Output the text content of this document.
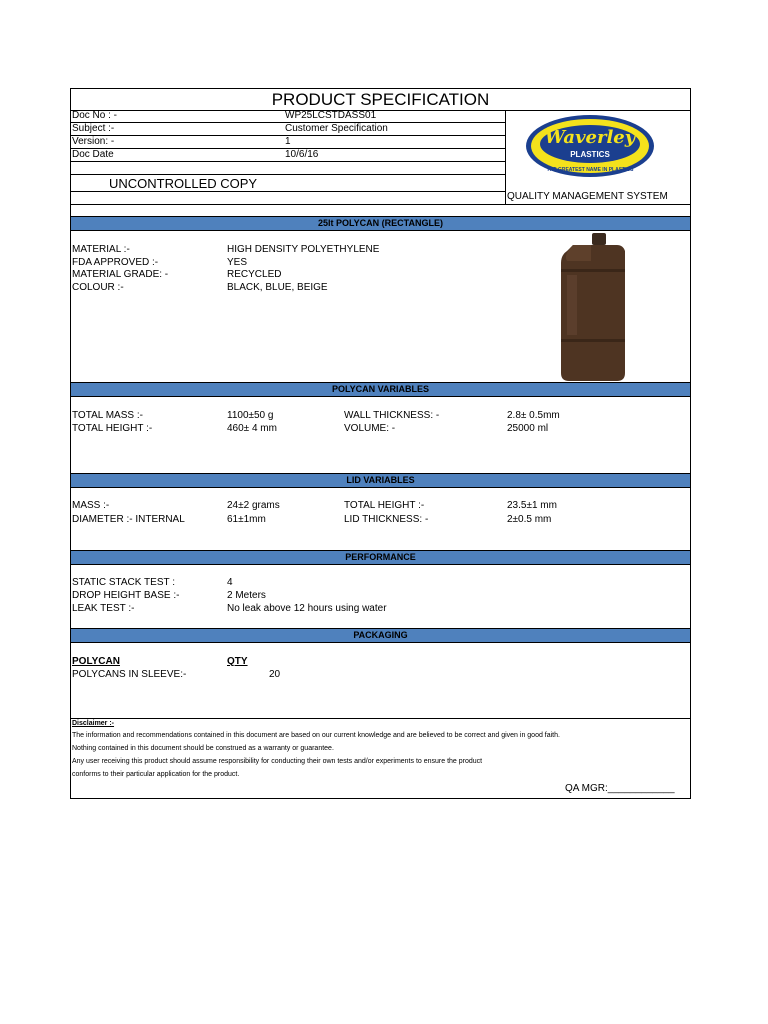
PRODUCT SPECIFICATION
Doc No : -	WP25LCSTDASS01
Subject :-	Customer Specification
Version: -	1
Doc Date	10/6/16
UNCONTROLLED COPY
QUALITY MANAGEMENT SYSTEM
Waverley
PLASTICS
THE GREATEST NAME IN PLASTICS
25lt POLYCAN (RECTANGLE)
MATERIAL :-	HIGH DENSITY POLYETHYLENE
FDA APPROVED :-	YES
MATERIAL GRADE: -	RECYCLED
COLOUR :-	BLACK, BLUE, BEIGE
POLYCAN VARIABLES
TOTAL MASS :-	1100±50 g	WALL THICKNESS: -	2.8± 0.5mm
TOTAL HEIGHT :-	460± 4 mm	VOLUME: -	25000 ml
LID VARIABLES
MASS :-	24±2 grams	TOTAL HEIGHT :-	23.5±1 mm
DIAMETER :- INTERNAL	61±1mm	LID THICKNESS: -	2±0.5 mm
PERFORMANCE
STATIC STACK TEST :	4
DROP HEIGHT BASE :-	2 Meters
LEAK TEST :-	No leak above 12 hours using water
PACKAGING
POLYCAN	QTY
POLYCANS IN SLEEVE:-	20
Disclaimer :-
The information and recommendations contained in this document are based on our current knowledge and are believed to be correct and given in good faith.
Nothing contained in this document should be construed as a warranty or guarantee.
Any user receiving this product should assume responsibility for conducting their own tests and/or experiments to ensure the product
conforms to their particular application for the product.
QA MGR:____________
